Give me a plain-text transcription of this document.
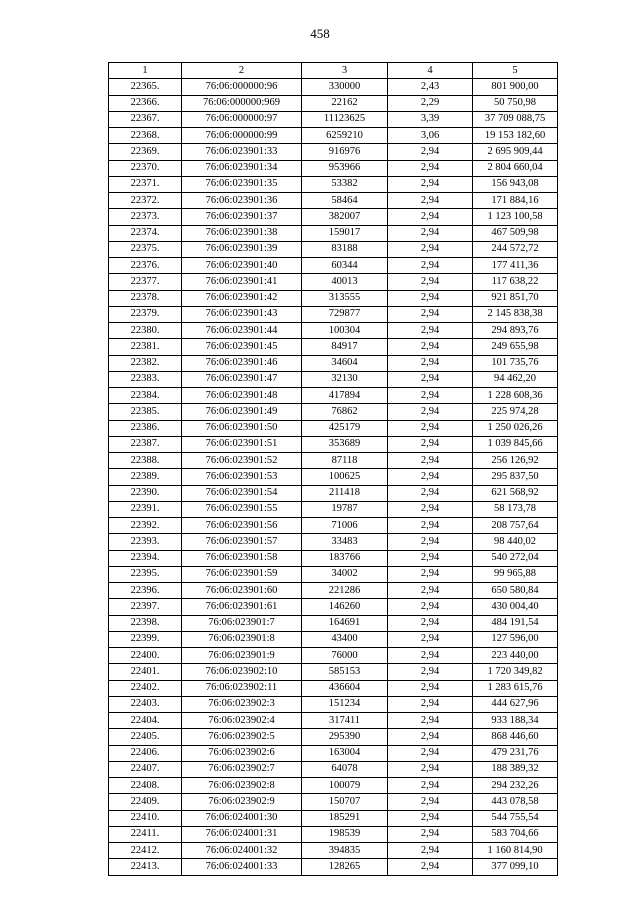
458
1	2	3	4	5
22365.	76:06:000000:96	330000	2,43	801 900,00
22366.	76:06:000000:969	22162	2,29	50 750,98
22367.	76:06:000000:97	11123625	3,39	37 709 088,75
22368.	76:06:000000:99	6259210	3,06	19 153 182,60
22369.	76:06:023901:33	916976	2,94	2 695 909,44
22370.	76:06:023901:34	953966	2,94	2 804 660,04
22371.	76:06:023901:35	53382	2,94	156 943,08
22372.	76:06:023901:36	58464	2,94	171 884,16
22373.	76:06:023901:37	382007	2,94	1 123 100,58
22374.	76:06:023901:38	159017	2,94	467 509,98
22375.	76:06:023901:39	83188	2,94	244 572,72
22376.	76:06:023901:40	60344	2,94	177 411,36
22377.	76:06:023901:41	40013	2,94	117 638,22
22378.	76:06:023901:42	313555	2,94	921 851,70
22379.	76:06:023901:43	729877	2,94	2 145 838,38
22380.	76:06:023901:44	100304	2,94	294 893,76
22381.	76:06:023901:45	84917	2,94	249 655,98
22382.	76:06:023901:46	34604	2,94	101 735,76
22383.	76:06:023901:47	32130	2,94	94 462,20
22384.	76:06:023901:48	417894	2,94	1 228 608,36
22385.	76:06:023901:49	76862	2,94	225 974,28
22386.	76:06:023901:50	425179	2,94	1 250 026,26
22387.	76:06:023901:51	353689	2,94	1 039 845,66
22388.	76:06:023901:52	87118	2,94	256 126,92
22389.	76:06:023901:53	100625	2,94	295 837,50
22390.	76:06:023901:54	211418	2,94	621 568,92
22391.	76:06:023901:55	19787	2,94	58 173,78
22392.	76:06:023901:56	71006	2,94	208 757,64
22393.	76:06:023901:57	33483	2,94	98 440,02
22394.	76:06:023901:58	183766	2,94	540 272,04
22395.	76:06:023901:59	34002	2,94	99 965,88
22396.	76:06:023901:60	221286	2,94	650 580,84
22397.	76:06:023901:61	146260	2,94	430 004,40
22398.	76:06:023901:7	164691	2,94	484 191,54
22399.	76:06:023901:8	43400	2,94	127 596,00
22400.	76:06:023901:9	76000	2,94	223 440,00
22401.	76:06:023902:10	585153	2,94	1 720 349,82
22402.	76:06:023902:11	436604	2,94	1 283 615,76
22403.	76:06:023902:3	151234	2,94	444 627,96
22404.	76:06:023902:4	317411	2,94	933 188,34
22405.	76:06:023902:5	295390	2,94	868 446,60
22406.	76:06:023902:6	163004	2,94	479 231,76
22407.	76:06:023902:7	64078	2,94	188 389,32
22408.	76:06:023902:8	100079	2,94	294 232,26
22409.	76:06:023902:9	150707	2,94	443 078,58
22410.	76:06:024001:30	185291	2,94	544 755,54
22411.	76:06:024001:31	198539	2,94	583 704,66
22412.	76:06:024001:32	394835	2,94	1 160 814,90
22413.	76:06:024001:33	128265	2,94	377 099,10
